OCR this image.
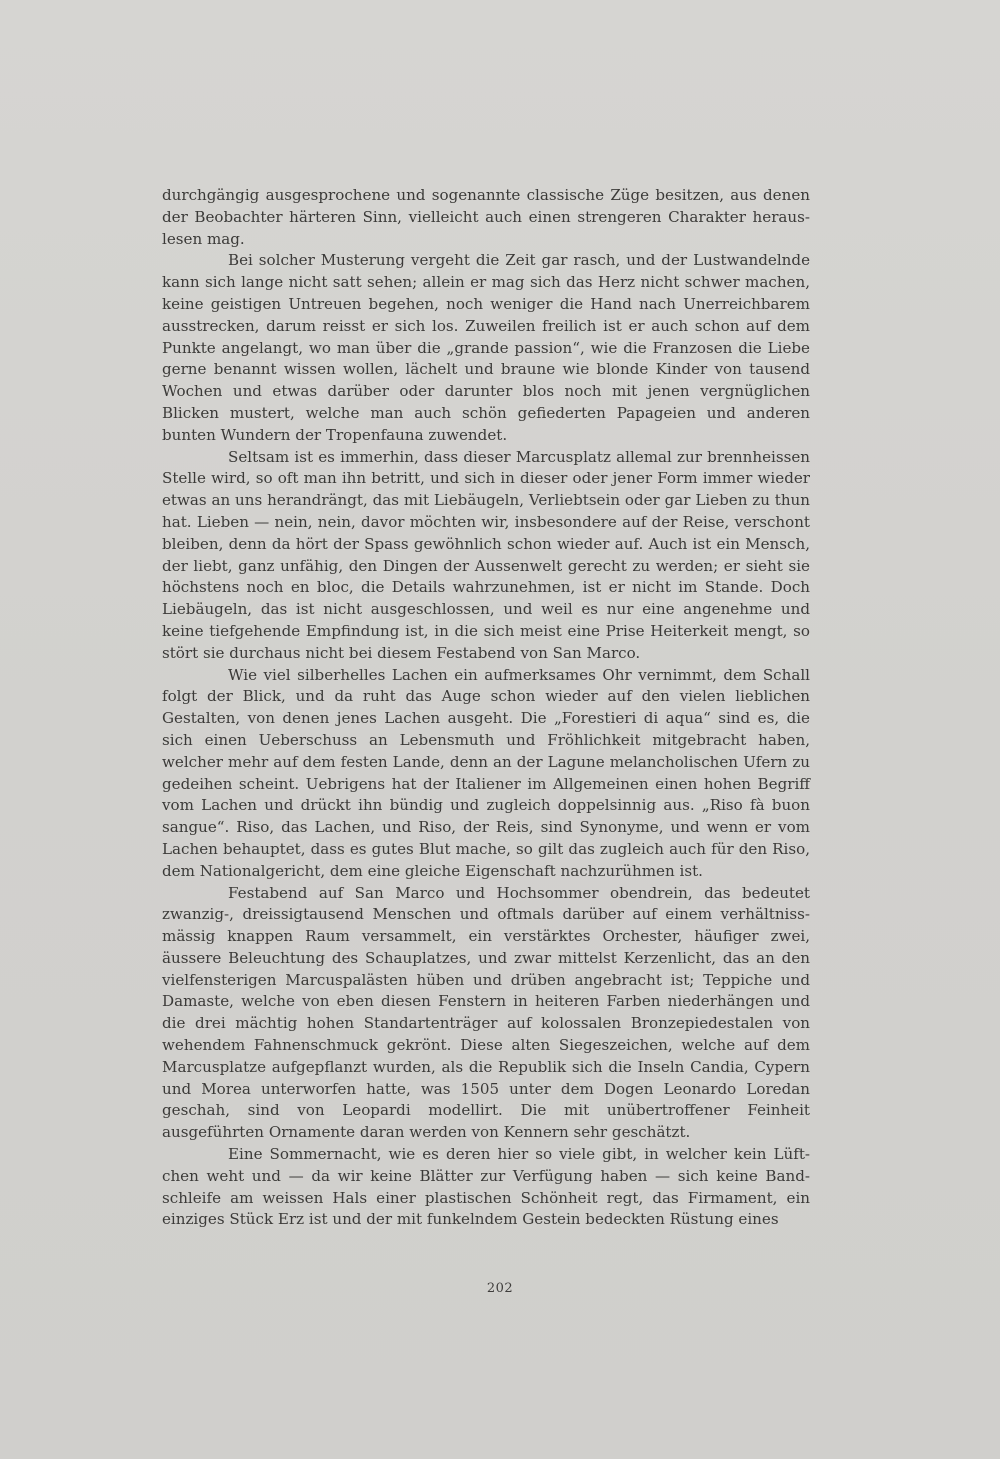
durchgängig ausgesprochene und sogenannte classische Züge besitzen, aus denen der Beobachter härteren Sinn, vielleicht auch einen strengeren Charakter herauslesen mag.

Bei solcher Musterung vergeht die Zeit gar rasch, und der Lustwandelnde kann sich lange nicht satt sehen; allein er mag sich das Herz nicht schwer machen, keine geistigen Untreuen begehen, noch weniger die Hand nach Unerreichbarem ausstrecken, darum reisst er sich los. Zuweilen freilich ist er auch schon auf dem Punkte angelangt, wo man über die „grande passion“, wie die Franzosen die Liebe gerne benannt wissen wollen, lächelt und braune wie blonde Kinder von tausend Wochen und etwas darüber oder darunter blos noch mit jenen vergnüglichen Blicken mustert, welche man auch schön gefiederten Papageien und anderen bunten Wundern der Tropenfauna zuwendet.

Seltsam ist es immerhin, dass dieser Marcusplatz allemal zur brennheissen Stelle wird, so oft man ihn betritt, und sich in dieser oder jener Form immer wieder etwas an uns herandrängt, das mit Liebäugeln, Verliebtsein oder gar Lieben zu thun hat. Lieben — nein, nein, davor möchten wir, insbesondere auf der Reise, verschont bleiben, denn da hört der Spass gewöhnlich schon wieder auf. Auch ist ein Mensch, der liebt, ganz unfähig, den Dingen der Aussenwelt gerecht zu werden; er sieht sie höchstens noch en bloc, die Details wahrzunehmen, ist er nicht im Stande. Doch Liebäugeln, das ist nicht ausgeschlossen, und weil es nur eine angenehme und keine tiefgehende Empfindung ist, in die sich meist eine Prise Heiterkeit mengt, so stört sie durchaus nicht bei diesem Festabend von San Marco.

Wie viel silberhelles Lachen ein aufmerksames Ohr vernimmt, dem Schall folgt der Blick, und da ruht das Auge schon wieder auf den vielen lieblichen Gestalten, von denen jenes Lachen ausgeht. Die „Forestieri di aqua“ sind es, die sich einen Ueberschuss an Lebensmuth und Fröhlichkeit mitgebracht haben, welcher mehr auf dem festen Lande, denn an der Lagune melancholischen Ufern zu gedeihen scheint. Uebrigens hat der Italiener im Allgemeinen einen hohen Begriff vom Lachen und drückt ihn bündig und zugleich doppelsinnig aus. „Riso fà buon sangue“. Riso, das Lachen, und Riso, der Reis, sind Synonyme, und wenn er vom Lachen behauptet, dass es gutes Blut mache, so gilt das zugleich auch für den Riso, dem Nationalgericht, dem eine gleiche Eigenschaft nachzurühmen ist.

Festabend auf San Marco und Hochsommer obendrein, das bedeutet zwanzig-, dreissigtausend Menschen und oftmals darüber auf einem verhältnissmässig knappen Raum versammelt, ein verstärktes Orchester, häufiger zwei, äussere Beleuchtung des Schauplatzes, und zwar mittelst Kerzenlicht, das an den vielfensterigen Marcuspalästen hüben und drüben angebracht ist; Teppiche und Damaste, welche von eben diesen Fenstern in heiteren Farben niederhängen und die drei mächtig hohen Standartenträger auf kolossalen Bronzepiedestalen von wehendem Fahnenschmuck gekrönt. Diese alten Siegeszeichen, welche auf dem Marcusplatze aufgepflanzt wurden, als die Republik sich die Inseln Candia, Cypern und Morea unterworfen hatte, was 1505 unter dem Dogen Leonardo Loredan geschah, sind von Leopardi modellirt. Die mit unübertroffener Feinheit ausgeführten Ornamente daran werden von Kennern sehr geschätzt.

Eine Sommernacht, wie es deren hier so viele gibt, in welcher kein Lüftchen weht und — da wir keine Blätter zur Verfügung haben — sich keine Bandschleife am weissen Hals einer plastischen Schönheit regt, das Firmament, ein einziges Stück Erz ist und der mit funkelndem Gestein bedeckten Rüstung eines

202
